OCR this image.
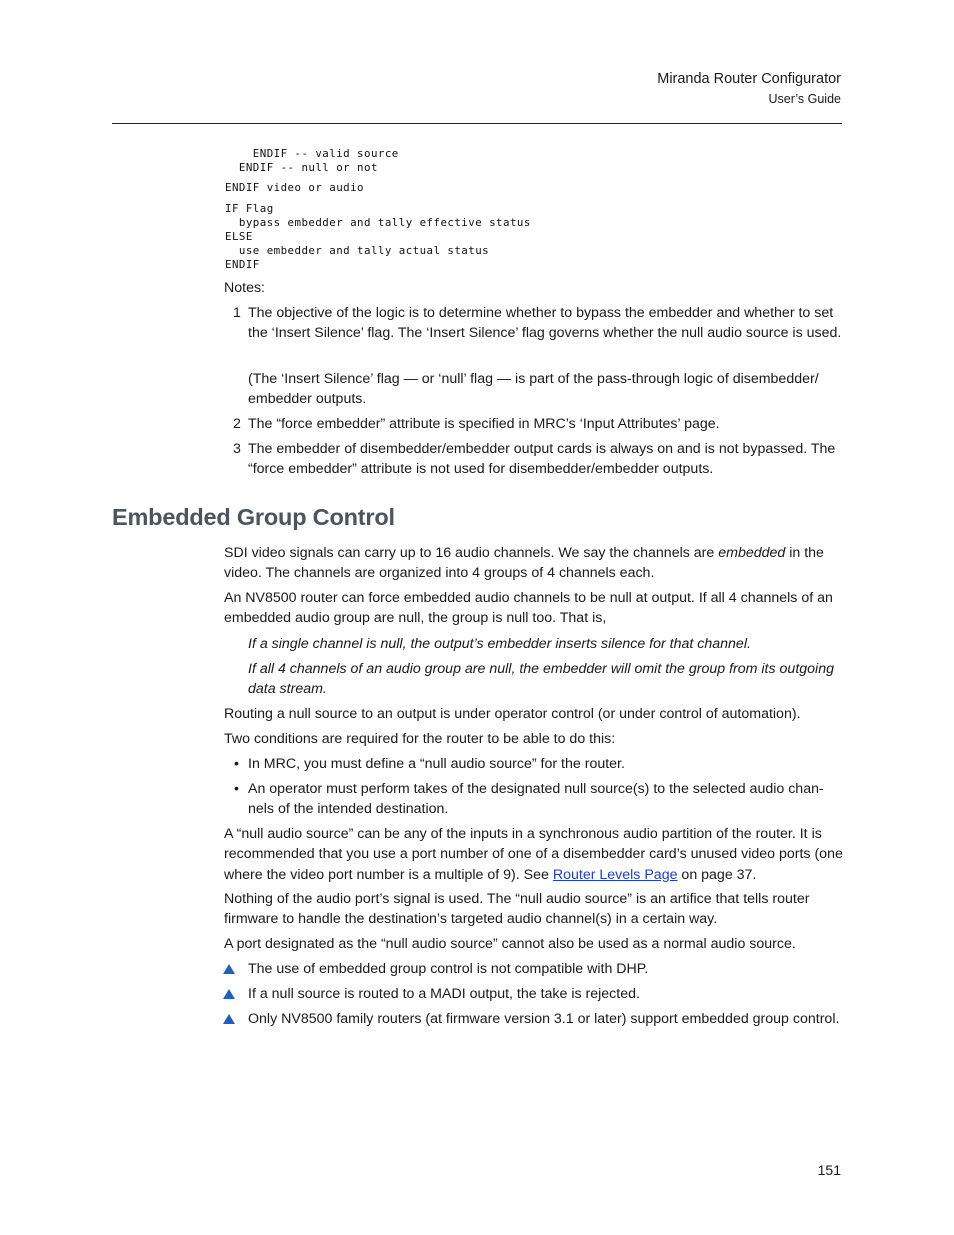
Miranda Router Configurator
User’s Guide
ENDIF -- valid source
ENDIF -- null or not
ENDIF video or audio
IF Flag
bypass embedder and tally effective status
ELSE
use embedder and tally actual status
ENDIF
Notes:
1 The objective of the logic is to determine whether to bypass the embedder and whether to set the ‘Insert Silence’ flag. The ‘Insert Silence’ flag governs whether the null audio source is used.
(The ‘Insert Silence’ flag — or ‘null’ flag — is part of the pass-through logic of disembedder/ embedder outputs.
2 The “force embedder” attribute is specified in MRC’s ‘Input Attributes’ page.
3 The embedder of disembedder/embedder output cards is always on and is not bypassed. The “force embedder” attribute is not used for disembedder/embedder outputs.
Embedded Group Control
SDI video signals can carry up to 16 audio channels. We say the channels are embedded in the video. The channels are organized into 4 groups of 4 channels each.
An NV8500 router can force embedded audio channels to be null at output. If all 4 channels of an embedded audio group are null, the group is null too. That is,
If a single channel is null, the output’s embedder inserts silence for that channel.
If all 4 channels of an audio group are null, the embedder will omit the group from its outgoing data stream.
Routing a null source to an output is under operator control (or under control of automation).
Two conditions are required for the router to be able to do this:
• In MRC, you must define a “null audio source” for the router.
• An operator must perform takes of the designated null source(s) to the selected audio chan- nels of the intended destination.
A “null audio source” can be any of the inputs in a synchronous audio partition of the router. It is recommended that you use a port number of one of a disembedder card’s unused video ports (one where the video port number is a multiple of 9). See Router Levels Page on page 37.
Nothing of the audio port’s signal is used. The “null audio source” is an artifice that tells router firmware to handle the destination’s targeted audio channel(s) in a certain way.
A port designated as the “null audio source” cannot also be used as a normal audio source.
The use of embedded group control is not compatible with DHP.
If a null source is routed to a MADI output, the take is rejected.
Only NV8500 family routers (at firmware version 3.1 or later) support embedded group control.
151
